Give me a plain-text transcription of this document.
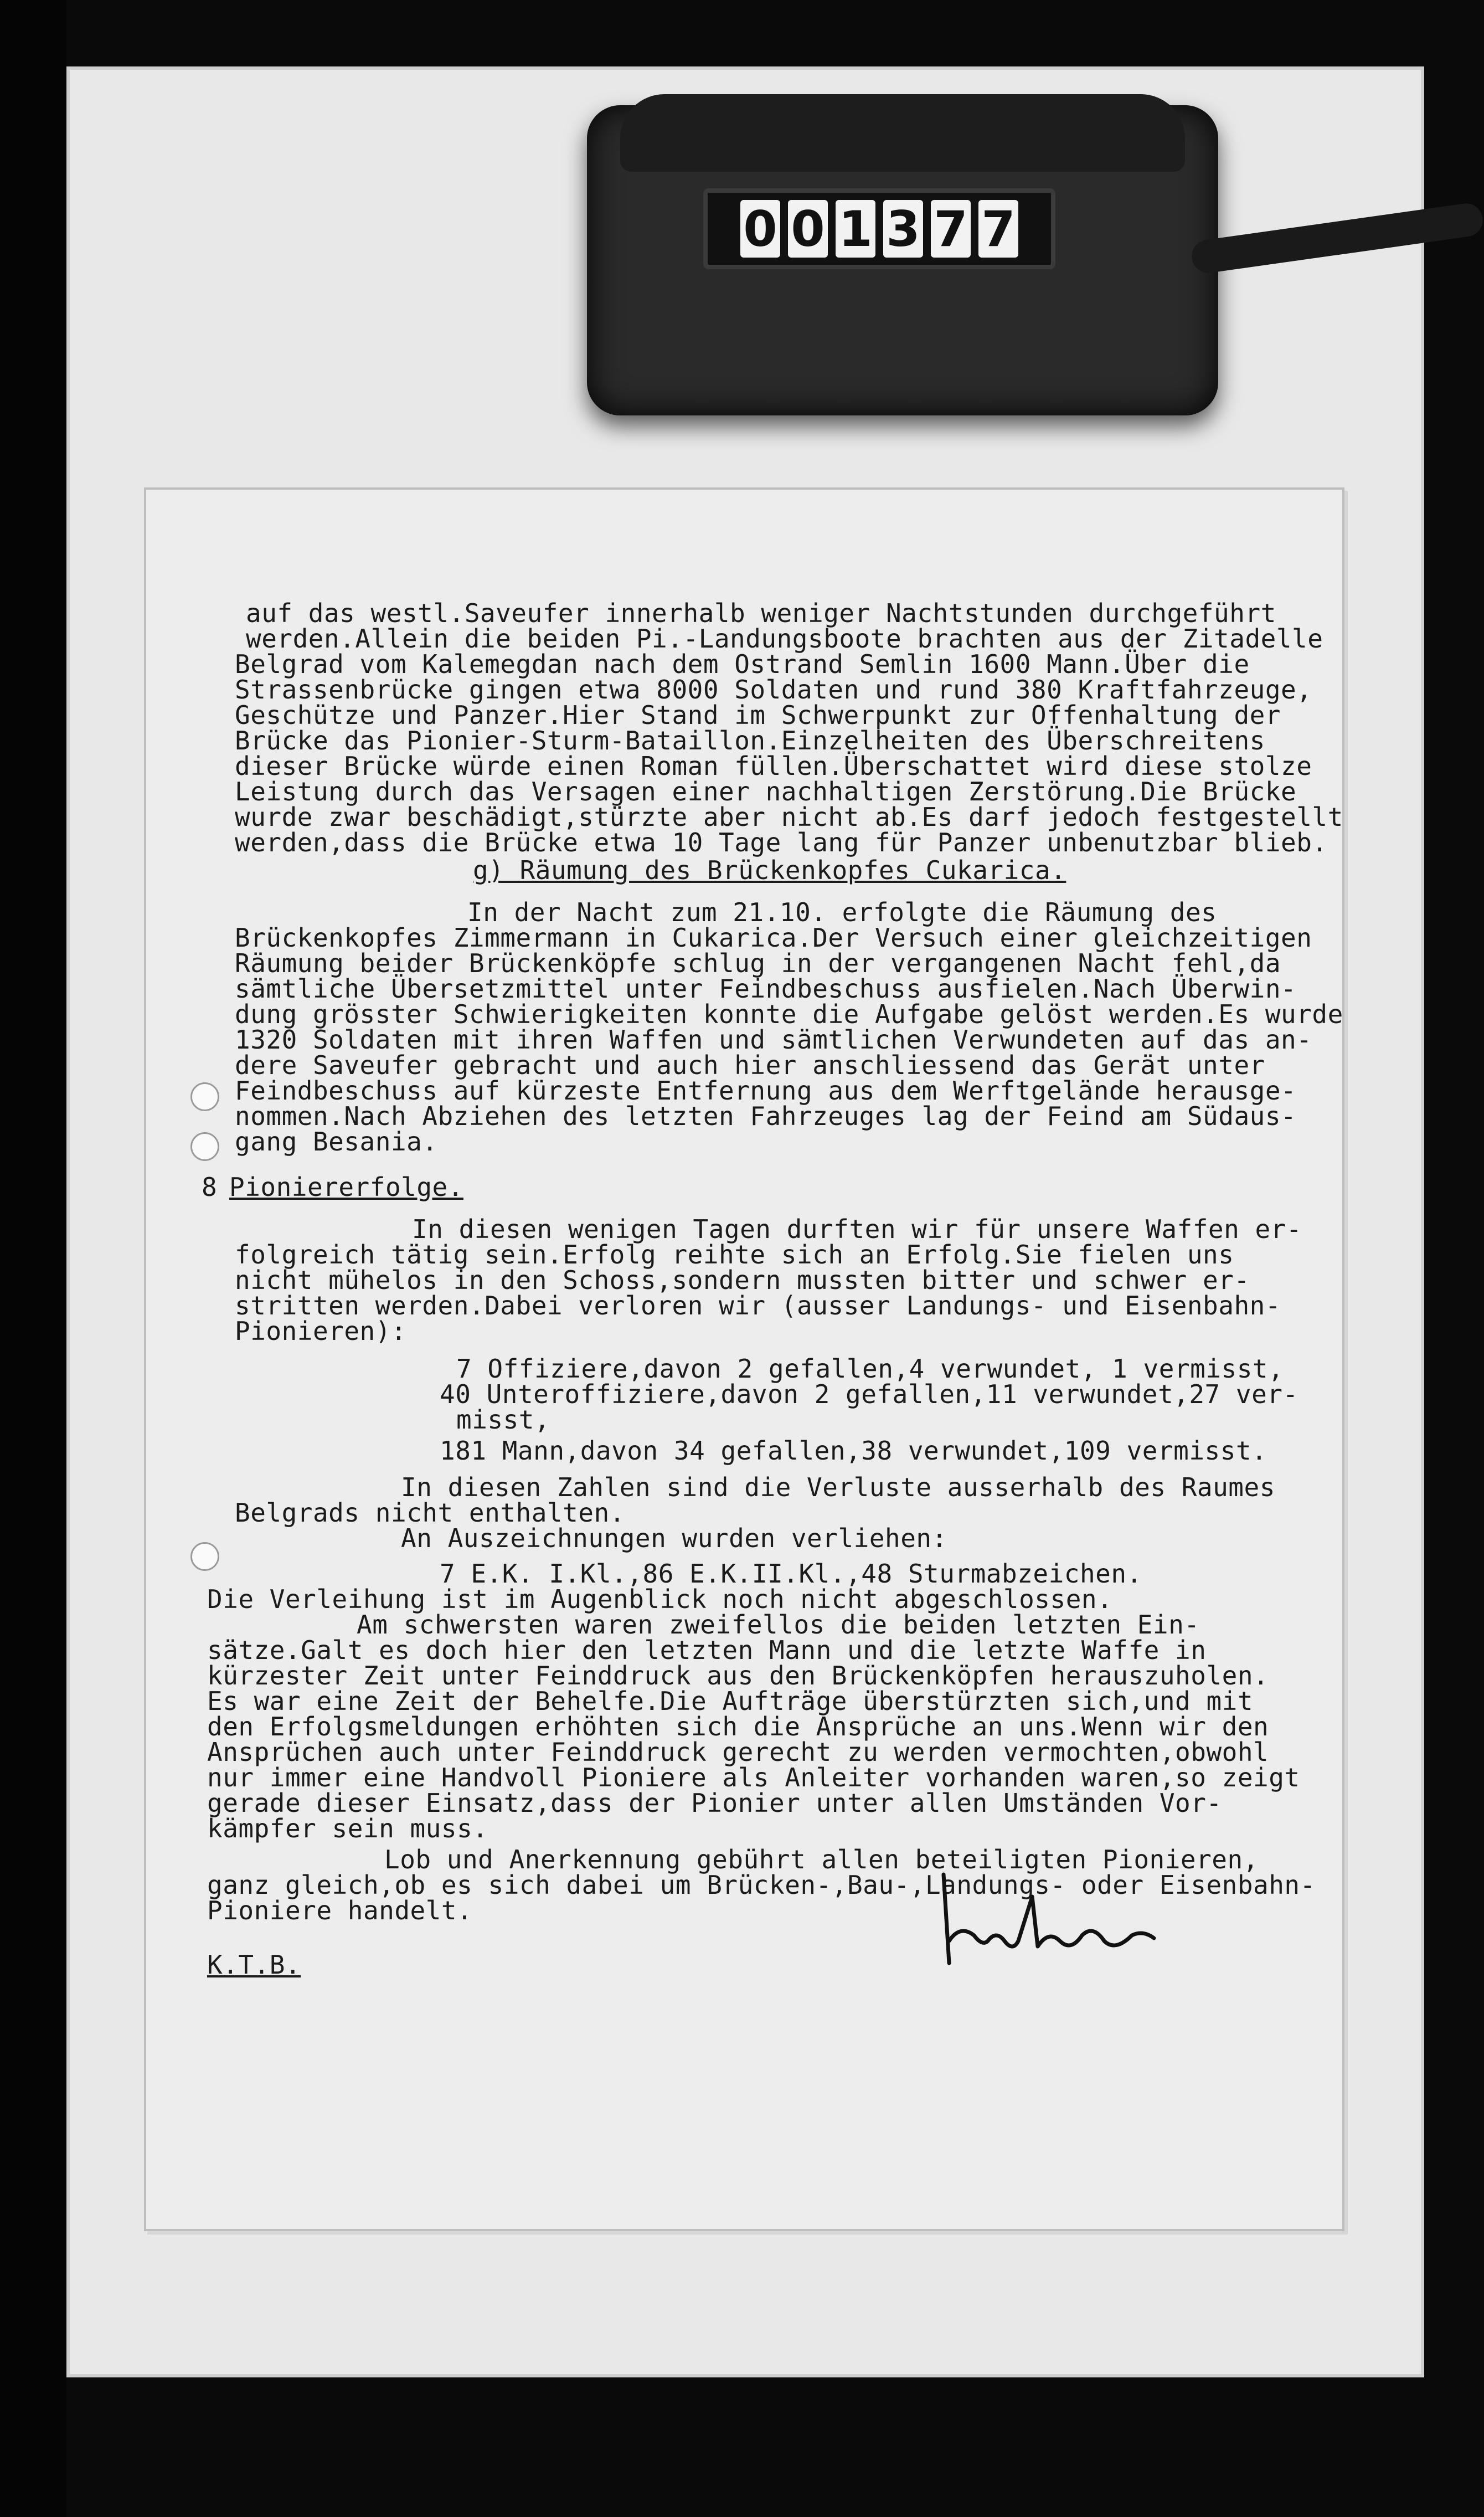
0 0 1 3 7 7
auf das westl.Saveufer innerhalb weniger Nachtstunden durchgeführt
werden.Allein die beiden Pi.-Landungsboote brachten aus der Zitadelle
Belgrad vom Kalemegdan nach dem Ostrand Semlin 1600 Mann.Über die
Strassenbrücke gingen etwa 8000 Soldaten und rund 380 Kraftfahrzeuge,
Geschütze und Panzer.Hier Stand im Schwerpunkt zur Offenhaltung der
Brücke das Pionier-Sturm-Bataillon.Einzelheiten des Überschreitens
dieser Brücke würde einen Roman füllen.Überschattet wird diese stolze
Leistung durch das Versagen einer nachhaltigen Zerstörung.Die Brücke
wurde zwar beschädigt,stürzte aber nicht ab.Es darf jedoch festgestellt
werden,dass die Brücke etwa 10 Tage lang für Panzer unbenutzbar blieb.
g) Räumung des Brückenkopfes Cukarica.
In der Nacht zum 21.10. erfolgte die Räumung des
Brückenkopfes Zimmermann in Cukarica.Der Versuch einer gleichzeitigen
Räumung beider Brückenköpfe schlug in der vergangenen Nacht fehl,da
sämtliche Übersetzmittel unter Feindbeschuss ausfielen.Nach Überwin-
dung grösster Schwierigkeiten konnte die Aufgabe gelöst werden.Es wurde
1320 Soldaten mit ihren Waffen und sämtlichen Verwundeten auf das an-
dere Saveufer gebracht und auch hier anschliessend das Gerät unter
Feindbeschuss auf kürzeste Entfernung aus dem Werftgelände herausge-
nommen.Nach Abziehen des letzten Fahrzeuges lag der Feind am Südaus-
gang Besania.
8 Pioniererfolge.
In diesen wenigen Tagen durften wir für unsere Waffen er-
folgreich tätig sein.Erfolg reihte sich an Erfolg.Sie fielen uns
nicht mühelos in den Schoss,sondern mussten bitter und schwer er-
stritten werden.Dabei verloren wir (ausser Landungs- und Eisenbahn-
Pionieren):
7 Offiziere,davon 2 gefallen,4 verwundet, 1 vermisst,
40 Unteroffiziere,davon 2 gefallen,11 verwundet,27 ver-
misst,
181 Mann,davon 34 gefallen,38 verwundet,109 vermisst.
In diesen Zahlen sind die Verluste ausserhalb des Raumes
Belgrads nicht enthalten.
An Auszeichnungen wurden verliehen:
7 E.K. I.Kl.,86 E.K.II.Kl.,48 Sturmabzeichen.
Die Verleihung ist im Augenblick noch nicht abgeschlossen.
Am schwersten waren zweifellos die beiden letzten Ein-
sätze.Galt es doch hier den letzten Mann und die letzte Waffe in
kürzester Zeit unter Feinddruck aus den Brückenköpfen herauszuholen.
Es war eine Zeit der Behelfe.Die Aufträge überstürzten sich,und mit
den Erfolgsmeldungen erhöhten sich die Ansprüche an uns.Wenn wir den
Ansprüchen auch unter Feinddruck gerecht zu werden vermochten,obwohl
nur immer eine Handvoll Pioniere als Anleiter vorhanden waren,so zeigt
gerade dieser Einsatz,dass der Pionier unter allen Umständen Vor-
kämpfer sein muss.
Lob und Anerkennung gebührt allen beteiligten Pionieren,
ganz gleich,ob es sich dabei um Brücken-,Bau-,Landungs- oder Eisenbahn-
Pioniere handelt.
K.T.B.
